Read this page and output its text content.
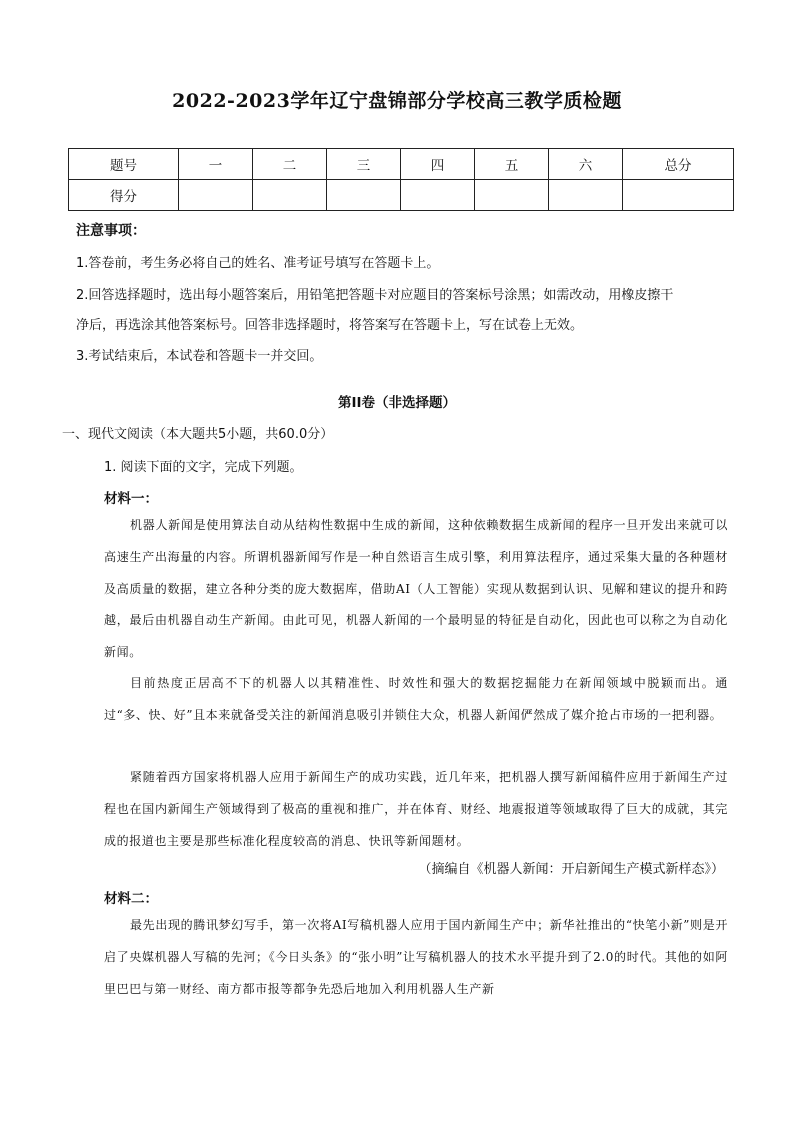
2022-2023学年辽宁盘锦部分学校高三教学质检题
题号	一	二	三	四	五	六	总分
得分							
注意事项：
1.答卷前，考生务必将自己的姓名、准考证号填写在答题卡上。
2.回答选择题时，选出每小题答案后，用铅笔把答题卡对应题目的答案标号涂黑；如需改动，用橡皮擦干
净后，再选涂其他答案标号。回答非选择题时，将答案写在答题卡上，写在试卷上无效。
3.考试结束后，本试卷和答题卡一并交回。
第II卷（非选择题）
一、现代文阅读（本大题共5小题，共60.0分）
1. 阅读下面的文字，完成下列题。
材料一：
机器人新闻是使用算法自动从结构性数据中生成的新闻，这种依赖数据生成新闻的程序一旦开发出来就可以高速生产出海量的内容。所谓机器新闻写作是一种自然语言生成引擎，利用算法程序，通过采集大量的各种题材及高质量的数据，建立各种分类的庞大数据库，借助AI（人工智能）实现从数据到认识、见解和建议的提升和跨越，最后由机器自动生产新闻。由此可见，机器人新闻的一个最明显的特征是自动化，因此也可以称之为自动化新闻。
目前热度正居高不下的机器人以其精准性、时效性和强大的数据挖掘能力在新闻领域中脱颖而出。通过“多、快、好”且本来就备受关注的新闻消息吸引并锁住大众，机器人新闻俨然成了媒介抢占市场的一把利器。
紧随着西方国家将机器人应用于新闻生产的成功实践，近几年来，把机器人撰写新闻稿件应用于新闻生产过程也在国内新闻生产领域得到了极高的重视和推广，并在体育、财经、地震报道等领域取得了巨大的成就，其完成的报道也主要是那些标准化程度较高的消息、快讯等新闻题材。
（摘编自《机器人新闻：开启新闻生产模式新样态》）
材料二：
最先出现的腾讯梦幻写手，第一次将AI写稿机器人应用于国内新闻生产中；新华社推出的“快笔小新”则是开启了央媒机器人写稿的先河；《今日头条》的“张小明”让写稿机器人的技术水平提升到了2.0的时代。其他的如阿里巴巴与第一财经、南方都市报等都争先恐后地加入利用机器人生产新
